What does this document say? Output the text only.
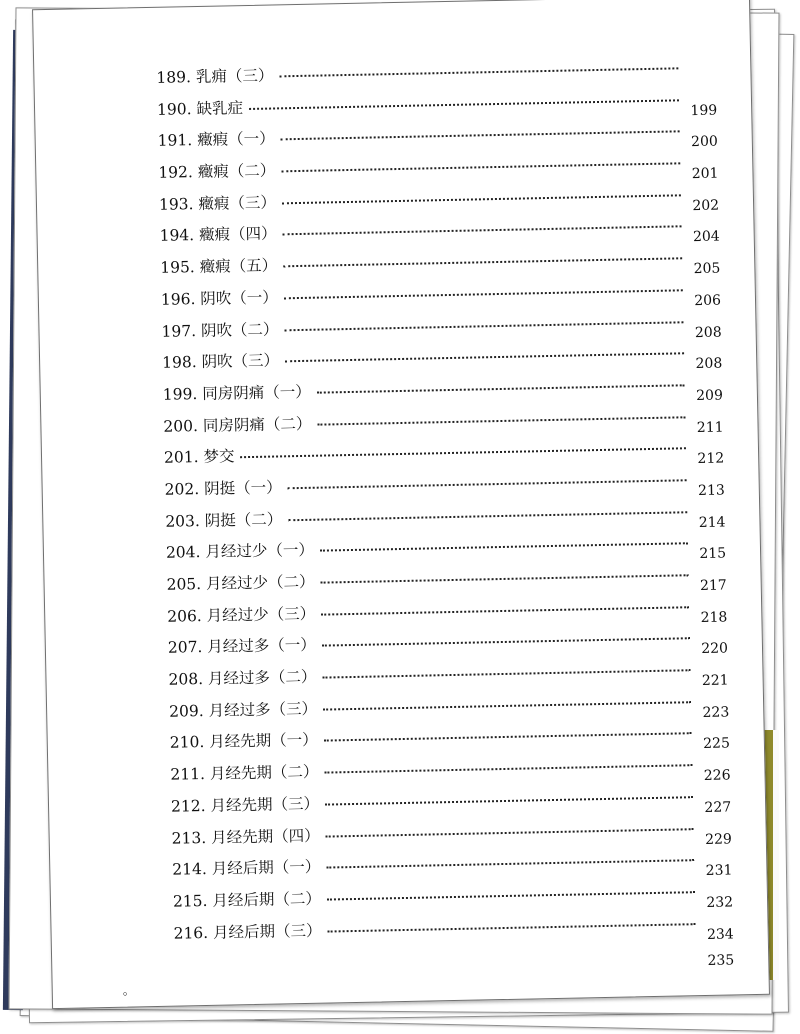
189. 乳痈（三）
190. 缺乳症	199
191. 癥瘕（一）	200
192. 癥瘕（二）	201
193. 癥瘕（三）	202
194. 癥瘕（四）	204
195. 癥瘕（五）	205
196. 阴吹（一）	206
197. 阴吹（二）	208
198. 阴吹（三）	208
199. 同房阴痛（一）	209
200. 同房阴痛（二）	211
201. 梦交	212
202. 阴挺（一）	213
203. 阴挺（二）	214
204. 月经过少（一）	215
205. 月经过少（二）	217
206. 月经过少（三）	218
207. 月经过多（一）	220
208. 月经过多（二）	221
209. 月经过多（三）	223
210. 月经先期（一）	225
211. 月经先期（二）	226
212. 月经先期（三）	227
213. 月经先期（四）	229
214. 月经后期（一）	231
215. 月经后期（二）	232
216. 月经后期（三）	234
235
。
